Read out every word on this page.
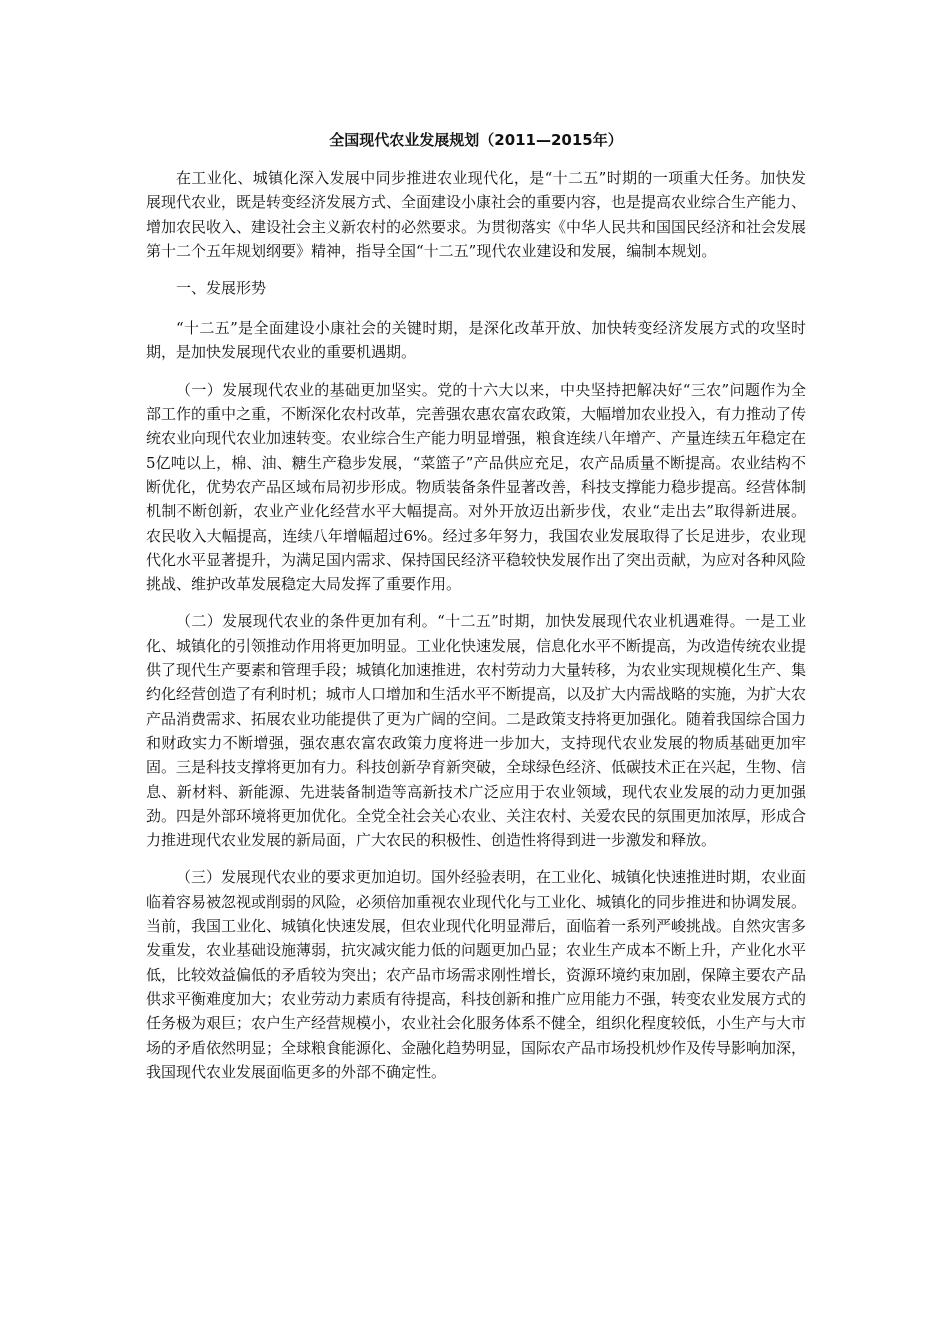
全国现代农业发展规划（2011—2015年）

在工业化、城镇化深入发展中同步推进农业现代化，是“十二五”时期的一项重大任务。加快发展现代农业，既是转变经济发展方式、全面建设小康社会的重要内容，也是提高农业综合生产能力、增加农民收入、建设社会主义新农村的必然要求。为贯彻落实《中华人民共和国国民经济和社会发展第十二个五年规划纲要》精神，指导全国“十二五”现代农业建设和发展，编制本规划。

一、发展形势

“十二五”是全面建设小康社会的关键时期，是深化改革开放、加快转变经济发展方式的攻坚时期，是加快发展现代农业的重要机遇期。

（一）发展现代农业的基础更加坚实。党的十六大以来，中央坚持把解决好“三农”问题作为全部工作的重中之重，不断深化农村改革，完善强农惠农富农政策，大幅增加农业投入，有力推动了传统农业向现代农业加速转变。农业综合生产能力明显增强，粮食连续八年增产、产量连续五年稳定在5亿吨以上，棉、油、糖生产稳步发展，“菜篮子”产品供应充足，农产品质量不断提高。农业结构不断优化，优势农产品区域布局初步形成。物质装备条件显著改善，科技支撑能力稳步提高。经营体制机制不断创新，农业产业化经营水平大幅提高。对外开放迈出新步伐，农业“走出去”取得新进展。农民收入大幅提高，连续八年增幅超过6%。经过多年努力，我国农业发展取得了长足进步，农业现代化水平显著提升，为满足国内需求、保持国民经济平稳较快发展作出了突出贡献，为应对各种风险挑战、维护改革发展稳定大局发挥了重要作用。

（二）发展现代农业的条件更加有利。“十二五”时期，加快发展现代农业机遇难得。一是工业化、城镇化的引领推动作用将更加明显。工业化快速发展，信息化水平不断提高，为改造传统农业提供了现代生产要素和管理手段；城镇化加速推进，农村劳动力大量转移，为农业实现规模化生产、集约化经营创造了有利时机；城市人口增加和生活水平不断提高，以及扩大内需战略的实施，为扩大农产品消费需求、拓展农业功能提供了更为广阔的空间。二是政策支持将更加强化。随着我国综合国力和财政实力不断增强，强农惠农富农政策力度将进一步加大，支持现代农业发展的物质基础更加牢固。三是科技支撑将更加有力。科技创新孕育新突破，全球绿色经济、低碳技术正在兴起，生物、信息、新材料、新能源、先进装备制造等高新技术广泛应用于农业领域，现代农业发展的动力更加强劲。四是外部环境将更加优化。全党全社会关心农业、关注农村、关爱农民的氛围更加浓厚，形成合力推进现代农业发展的新局面，广大农民的积极性、创造性将得到进一步激发和释放。

（三）发展现代农业的要求更加迫切。国外经验表明，在工业化、城镇化快速推进时期，农业面临着容易被忽视或削弱的风险，必须倍加重视农业现代化与工业化、城镇化的同步推进和协调发展。当前，我国工业化、城镇化快速发展，但农业现代化明显滞后，面临着一系列严峻挑战。自然灾害多发重发，农业基础设施薄弱，抗灾减灾能力低的问题更加凸显；农业生产成本不断上升，产业化水平低，比较效益偏低的矛盾较为突出；农产品市场需求刚性增长，资源环境约束加剧，保障主要农产品供求平衡难度加大；农业劳动力素质有待提高，科技创新和推广应用能力不强，转变农业发展方式的任务极为艰巨；农户生产经营规模小，农业社会化服务体系不健全，组织化程度较低，小生产与大市场的矛盾依然明显；全球粮食能源化、金融化趋势明显，国际农产品市场投机炒作及传导影响加深，我国现代农业发展面临更多的外部不确定性。
